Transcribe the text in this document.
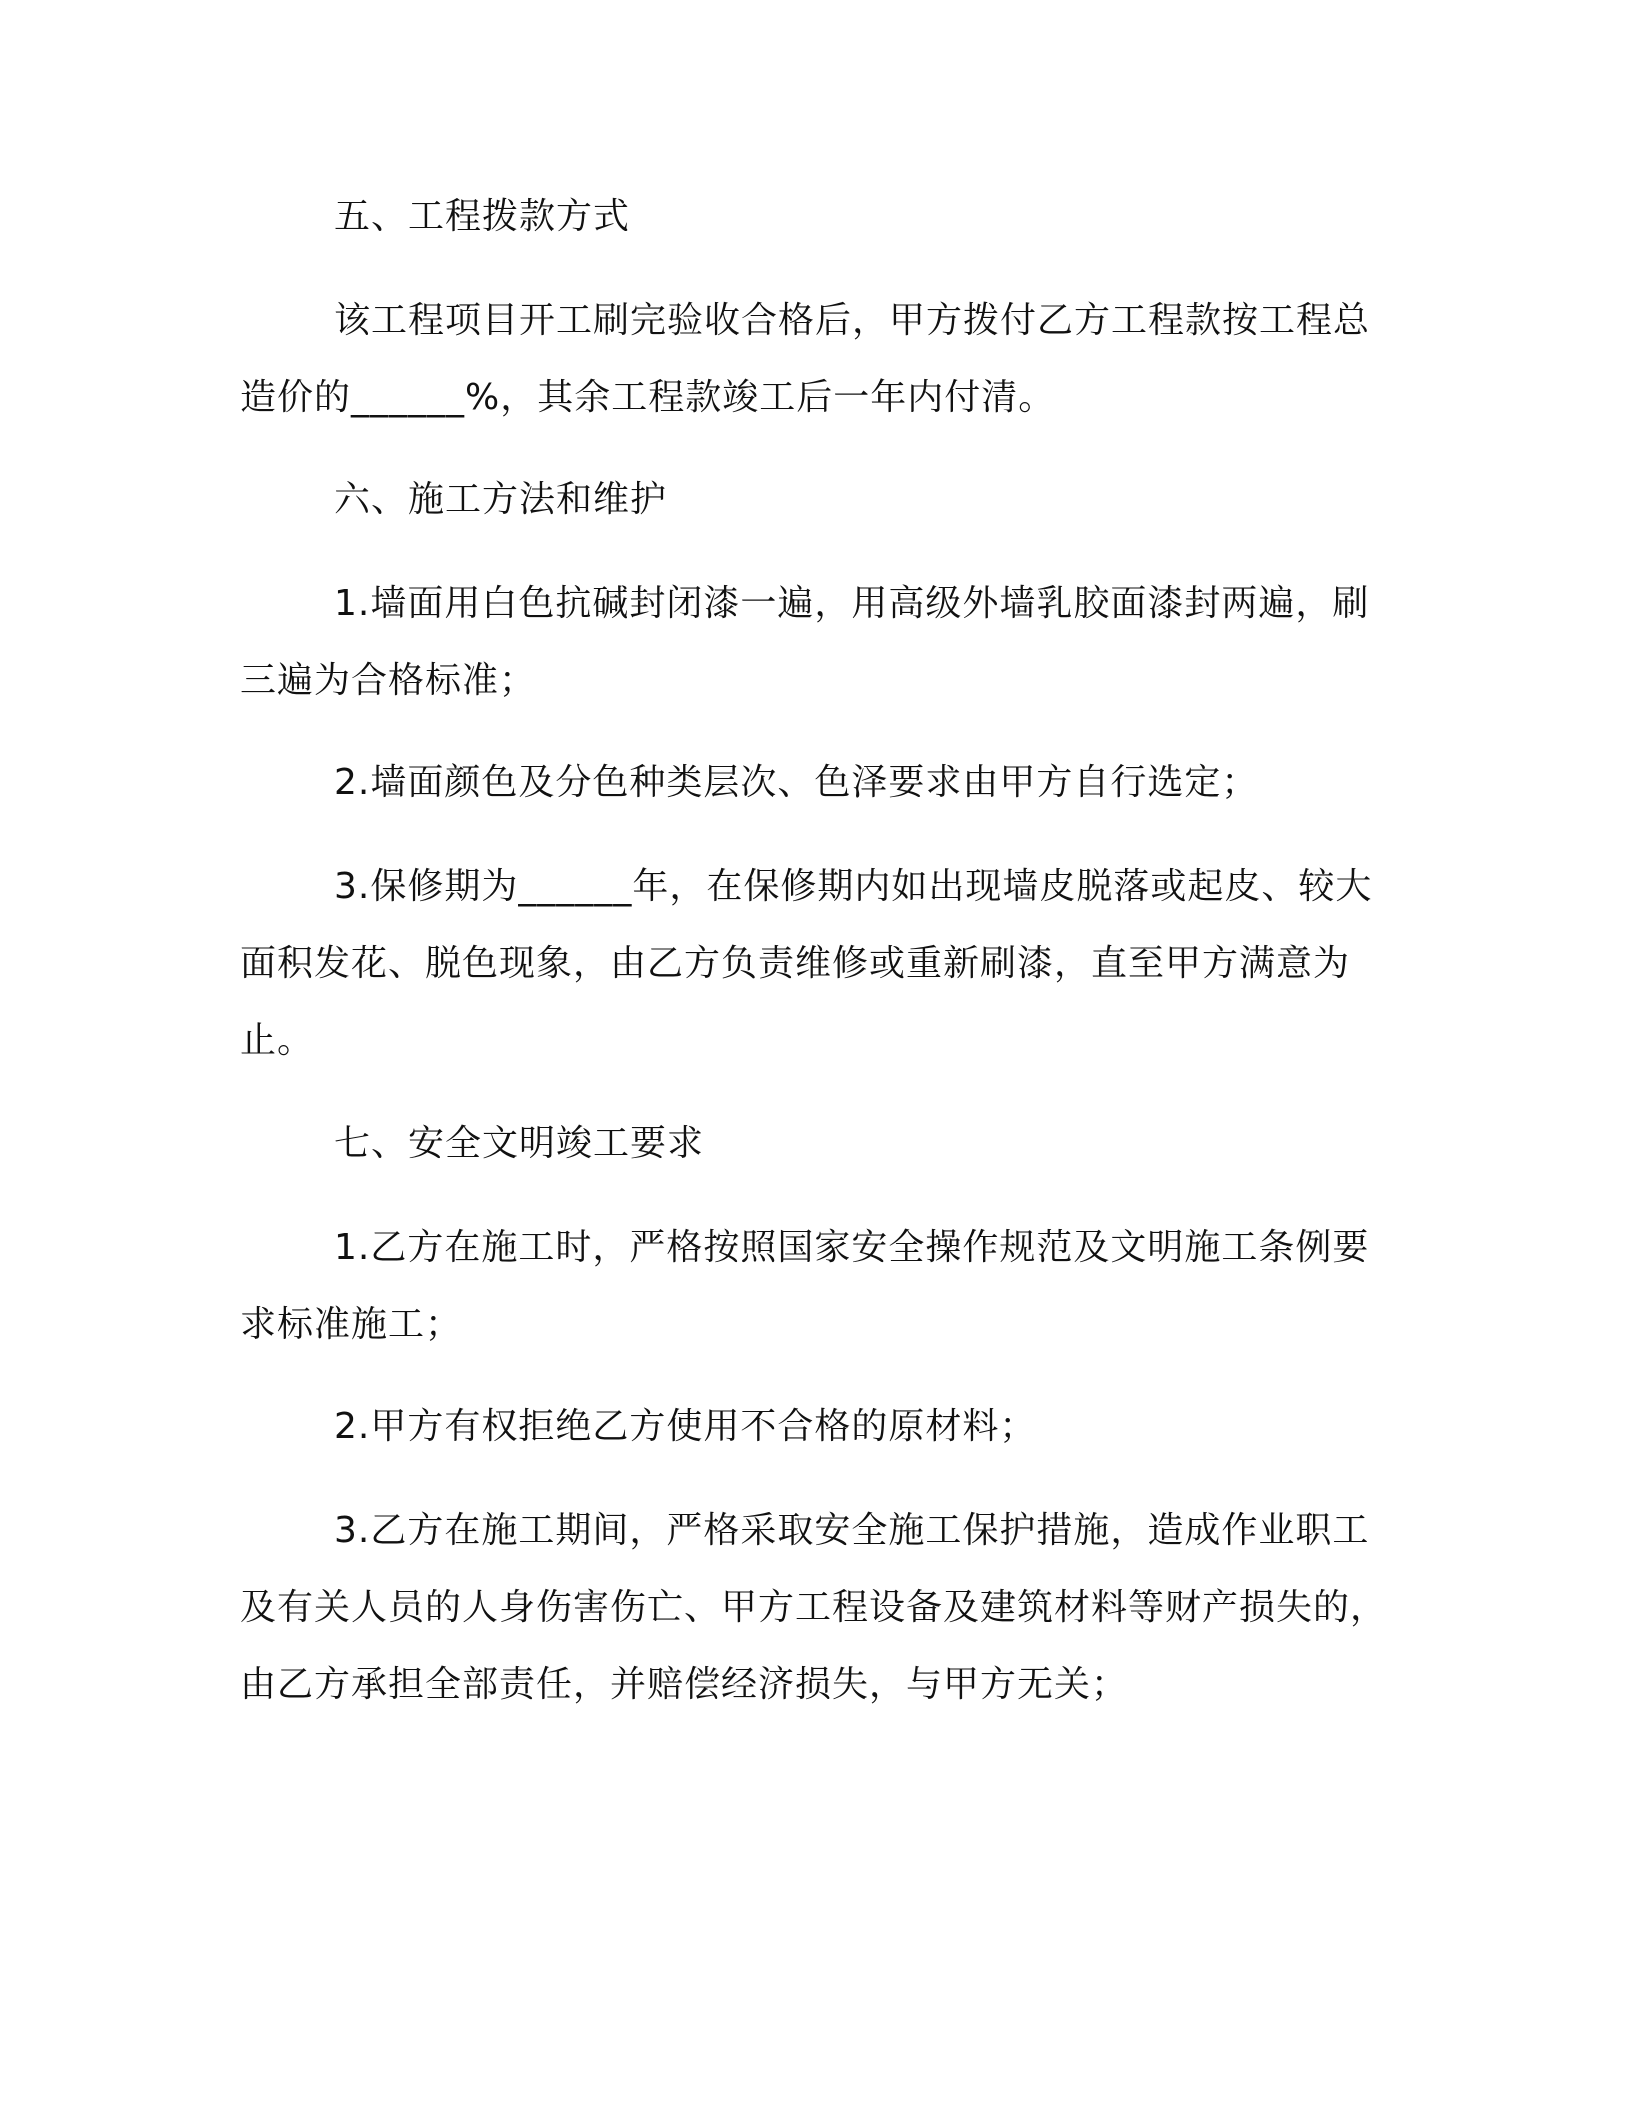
五、工程拨款方式
该工程项目开工刷完验收合格后，甲方拨付乙方工程款按工程总
造价的______%，其余工程款竣工后一年内付清。
六、施工方法和维护
1.墙面用白色抗碱封闭漆一遍，用高级外墙乳胶面漆封两遍，刷
三遍为合格标准；
2.墙面颜色及分色种类层次、色泽要求由甲方自行选定；
3.保修期为______年，在保修期内如出现墙皮脱落或起皮、较大
面积发花、脱色现象，由乙方负责维修或重新刷漆，直至甲方满意为
止。
七、安全文明竣工要求
1.乙方在施工时，严格按照国家安全操作规范及文明施工条例要
求标准施工；
2.甲方有权拒绝乙方使用不合格的原材料；
3.乙方在施工期间，严格采取安全施工保护措施，造成作业职工
及有关人员的人身伤害伤亡、甲方工程设备及建筑材料等财产损失的，
由乙方承担全部责任，并赔偿经济损失，与甲方无关；
